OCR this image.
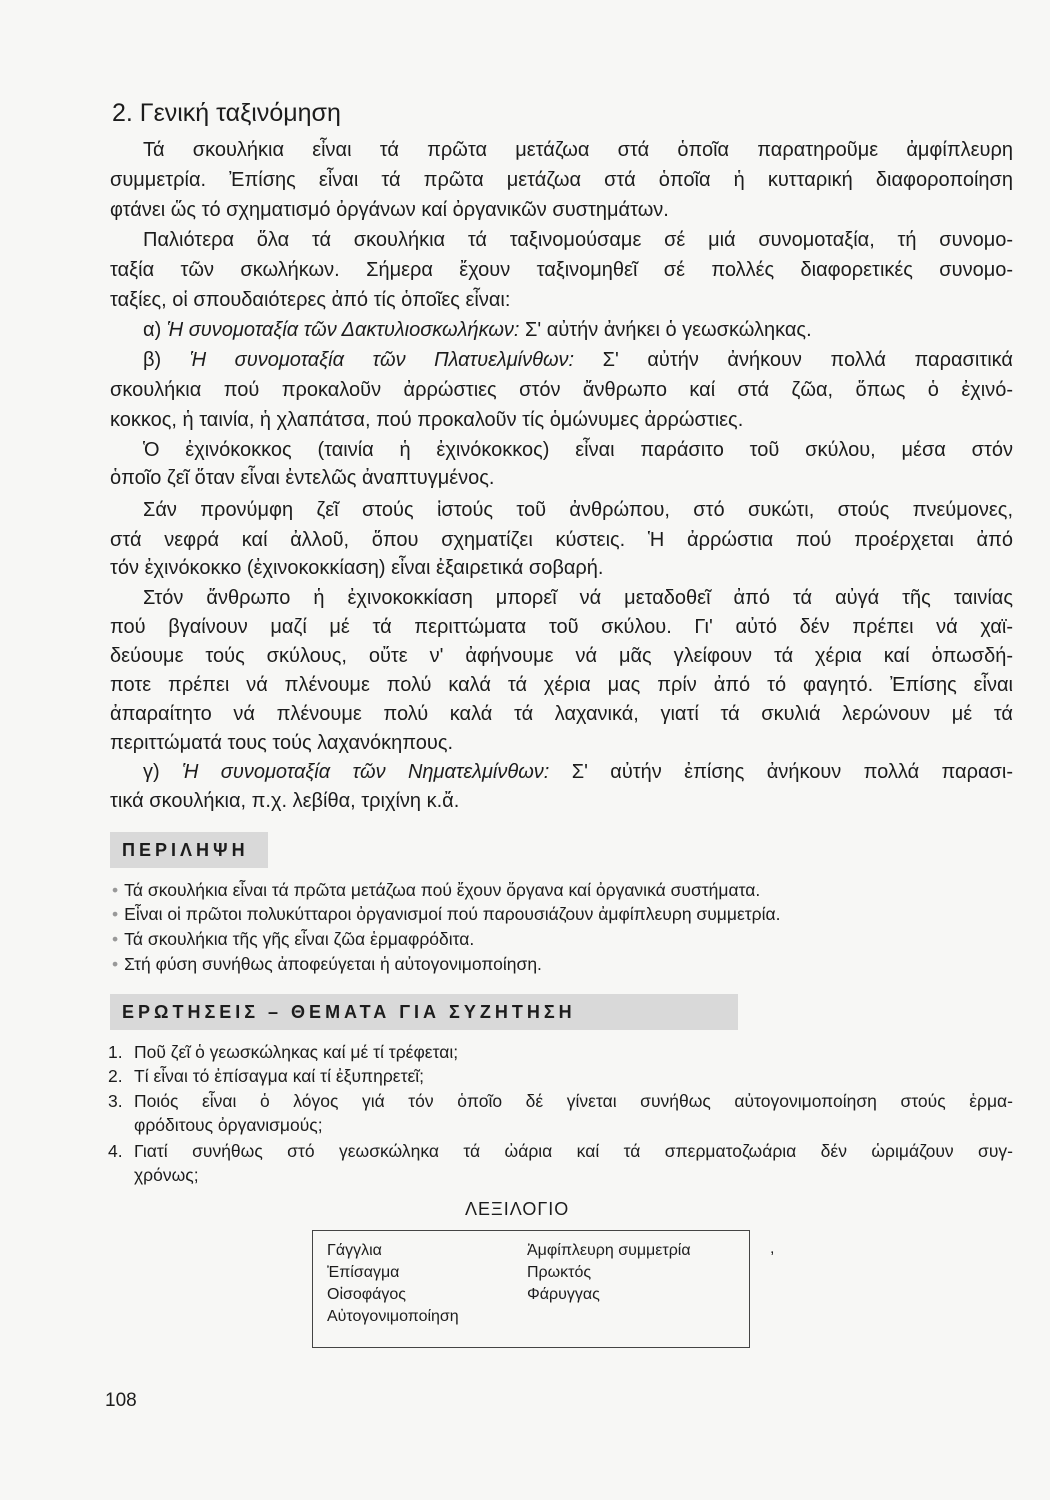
2. Γενική ταξινόμηση
Τά σκουλήκια εἶναι τά πρῶτα μετάζωα στά ὁποῖα παρατηροῦμε ἀμφίπλευρη
συμμετρία. Ἐπίσης εἶναι τά πρῶτα μετάζωα στά ὁποῖα ἡ κυτταρική διαφοροποίηση
φτάνει ὥς τό σχηματισμό ὀργάνων καί ὀργανικῶν συστημάτων.
Παλιότερα ὅλα τά σκουλήκια τά ταξινομούσαμε σέ μιά συνομοταξία, τή συνομο-
ταξία τῶν σκωλήκων. Σήμερα ἔχουν ταξινομηθεῖ σέ πολλές διαφορετικές συνομο-
ταξίες, οἱ σπουδαιότερες ἀπό τίς ὁποῖες εἶναι:
α) Ἡ συνομοταξία τῶν Δακτυλιοσκωλήκων: Σ' αὐτήν ἀνήκει ὁ γεωσκώληκας.
β) Ἡ συνομοταξία τῶν Πλατυελμίνθων: Σ' αὐτήν ἀνήκουν πολλά παρασιτικά
σκουλήκια πού προκαλοῦν ἀρρώστιες στόν ἄνθρωπο καί στά ζῶα, ὅπως ὁ ἐχινό-
κοκκος, ἡ ταινία, ἡ χλαπάτσα, πού προκαλοῦν τίς ὁμώνυμες ἀρρώστιες.
Ὁ ἐχινόκοκκος (ταινία ἡ ἐχινόκοκκος) εἶναι παράσιτο τοῦ σκύλου, μέσα στόν
ὁποῖο ζεῖ ὅταν εἶναι ἐντελῶς ἀναπτυγμένος.
Σάν προνύμφη ζεῖ στούς ἱστούς τοῦ ἀνθρώπου, στό συκώτι, στούς πνεύμονες,
στά νεφρά καί ἀλλοῦ, ὅπου σχηματίζει κύστεις. Ἡ ἀρρώστια πού προέρχεται ἀπό
τόν ἐχινόκοκκο (ἐχινοκοκκίαση) εἶναι ἐξαιρετικά σοβαρή.
Στόν ἄνθρωπο ἡ ἐχινοκοκκίαση μπορεῖ νά μεταδοθεῖ ἀπό τά αὐγά τῆς ταινίας
πού βγαίνουν μαζί μέ τά περιττώματα τοῦ σκύλου. Γι' αὐτό δέν πρέπει νά χαϊ-
δεύουμε τούς σκύλους, οὔτε ν' ἀφήνουμε νά μᾶς γλείφουν τά χέρια καί ὁπωσδή-
ποτε πρέπει νά πλένουμε πολύ καλά τά χέρια μας πρίν ἀπό τό φαγητό. Ἐπίσης εἶναι
ἀπαραίτητο νά πλένουμε πολύ καλά τά λαχανικά, γιατί τά σκυλιά λερώνουν μέ τά
περιττώματά τους τούς λαχανόκηπους.
γ) Ἡ συνομοταξία τῶν Νηματελμίνθων: Σ' αὐτήν ἐπίσης ἀνήκουν πολλά παρασι-
τικά σκουλήκια, π.χ. λεβίθα, τριχίνη κ.ἄ.
ΠΕΡΙΛΗΨΗ
• Τά σκουλήκια εἶναι τά πρῶτα μετάζωα πού ἔχουν ὄργανα καί ὀργανικά συστήματα.
• Εἶναι οἱ πρῶτοι πολυκύτταροι ὀργανισμοί πού παρουσιάζουν ἀμφίπλευρη συμμετρία.
• Τά σκουλήκια τῆς γῆς εἶναι ζῶα ἑρμαφρόδιτα.
• Στή φύση συνήθως ἀποφεύγεται ἡ αὐτογονιμοποίηση.
ΕΡΩΤΗΣΕΙΣ – ΘΕΜΑΤΑ ΓΙΑ ΣΥΖΗΤΗΣΗ
1. Ποῦ ζεῖ ὁ γεωσκώληκας καί μέ τί τρέφεται;
2. Τί εἶναι τό ἐπίσαγμα καί τί ἐξυπηρετεῖ;
3. Ποιός εἶναι ὁ λόγος γιά τόν ὁποῖο δέ γίνεται συνήθως αὐτογονιμοποίηση στούς ἑρμα-
φρόδιτους ὀργανισμούς;
4. Γιατί συνήθως στό γεωσκώληκα τά ὠάρια καί τά σπερματοζωάρια δέν ὡριμάζουν συγ-
χρόνως;
ΛΕΞΙΛΟΓΙΟ
Γάγγλια
Ἐπίσαγμα
Οἰσοφάγος
Αὐτογονιμοποίηση
Ἀμφίπλευρη συμμετρία
Πρωκτός
Φάρυγγας
,
108
